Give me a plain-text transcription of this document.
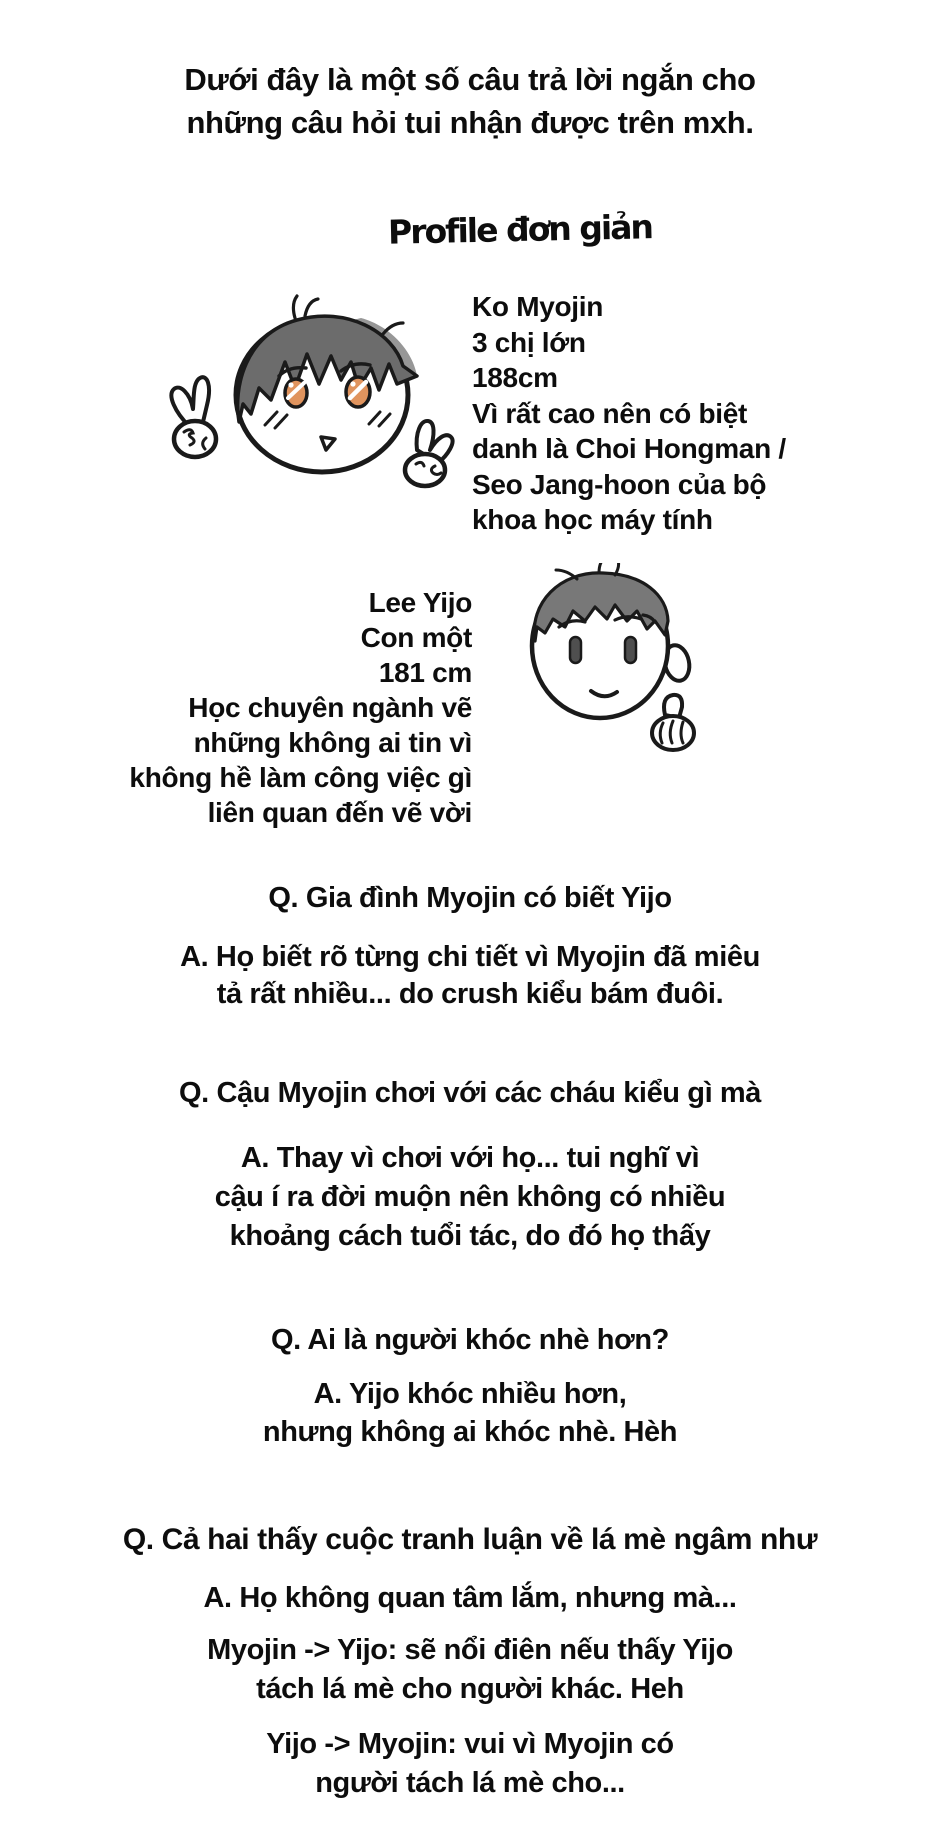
Dưới đây là một số câu trả lời ngắn cho
những câu hỏi tui nhận được trên mxh.
Profile đơn giản
Ko Myojin
3 chị lớn
188cm
Vì rất cao nên có biệt
danh là Choi Hongman /
Seo Jang-hoon của bộ
khoa học máy tính
Lee Yijo
Con một
181 cm
Học chuyên ngành vẽ
những không ai tin vì
không hề làm công việc gì
liên quan đến vẽ vời
Q. Gia đình Myojin có biết Yijo
A. Họ biết rõ từng chi tiết vì Myojin đã miêu
tả rất nhiều... do crush kiểu bám đuôi.
Q. Cậu Myojin chơi với các cháu kiểu gì mà
A. Thay vì chơi với họ... tui nghĩ vì
cậu í ra đời muộn nên không có nhiều
khoảng cách tuổi tác, do đó họ thấy
Q. Ai là người khóc nhè hơn?
A. Yijo khóc nhiều hơn,
nhưng không ai khóc nhè. Hèh
Q. Cả hai thấy cuộc tranh luận về lá mè ngâm như
A. Họ không quan tâm lắm, nhưng mà...
Myojin -> Yijo: sẽ nổi điên nếu thấy Yijo
tách lá mè cho người khác. Heh
Yijo -> Myojin: vui vì Myojin có
người tách lá mè cho...
